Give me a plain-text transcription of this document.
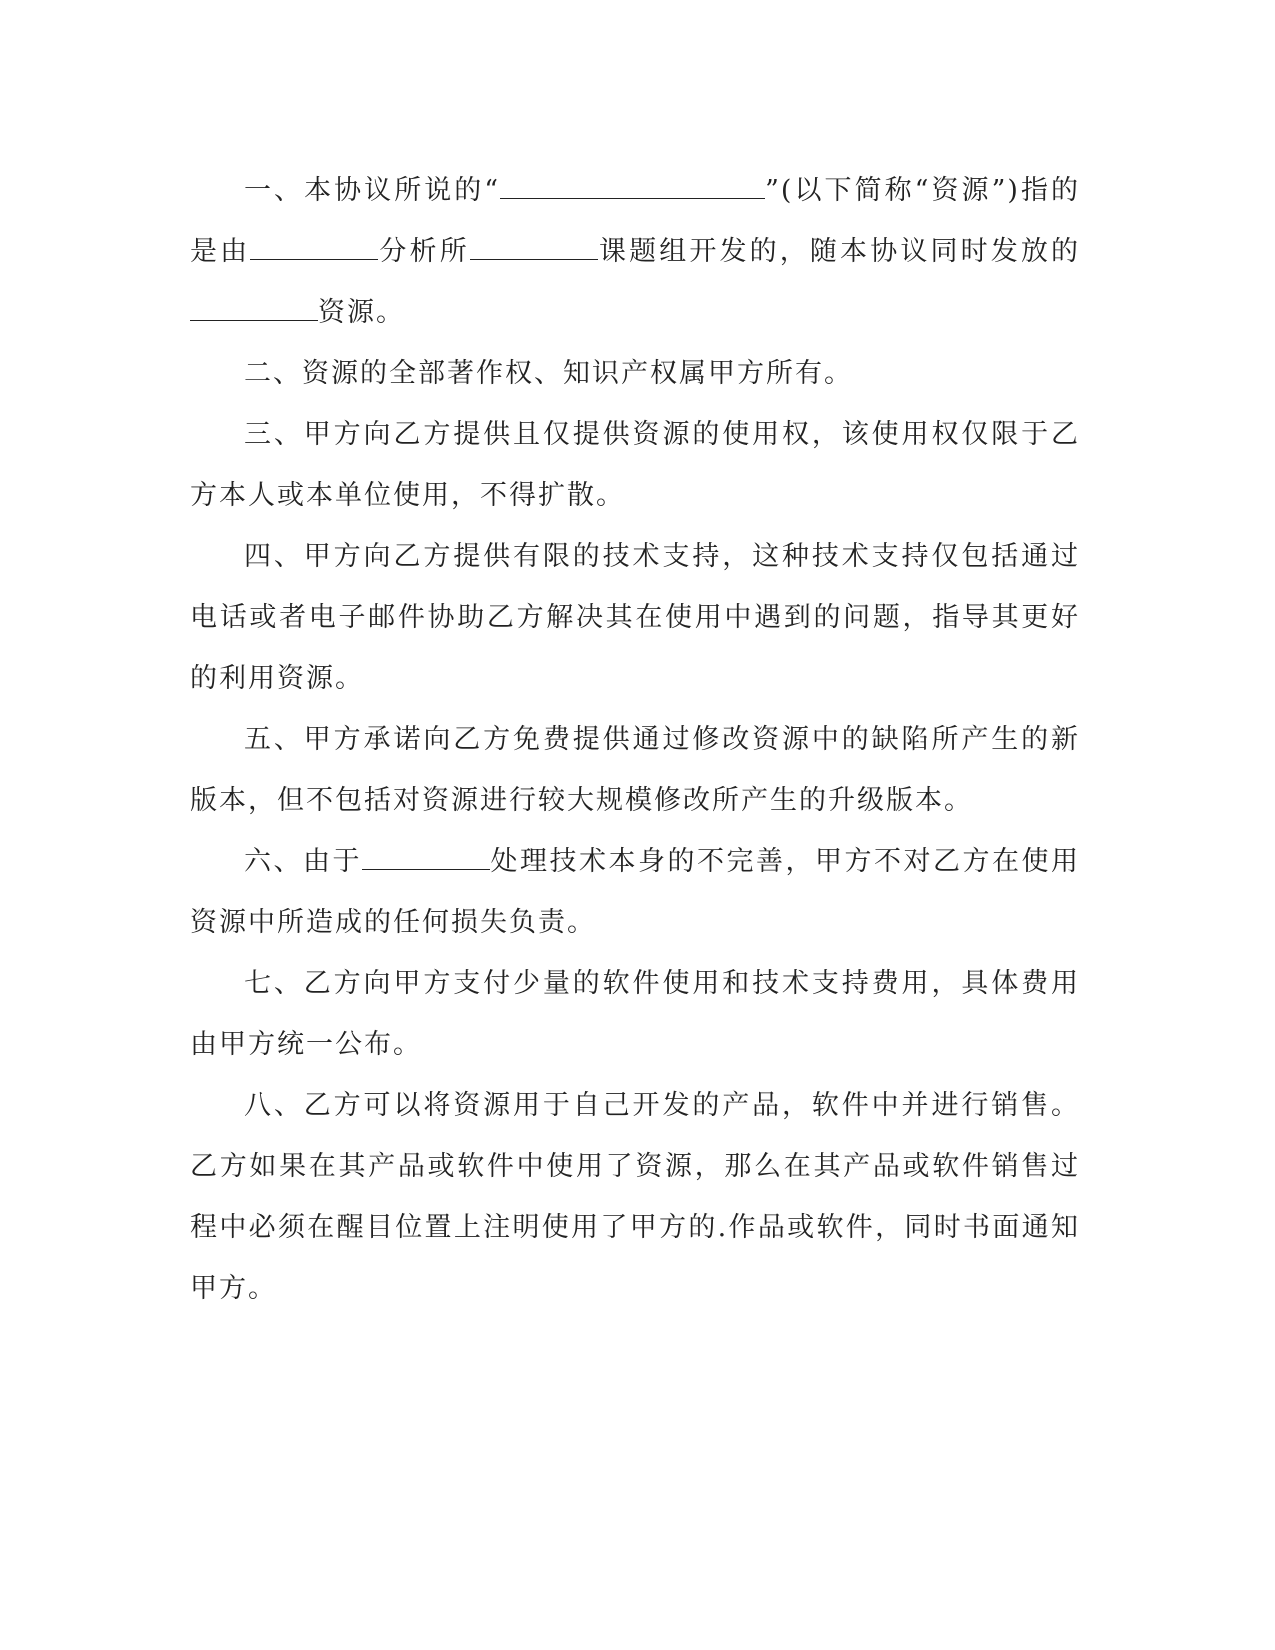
一、本协议所说的“	”(以下简称“资源”)指的是由	分析所	课题组开发的，随本协议同时发放的资源。

二、资源的全部著作权、知识产权属甲方所有。

三、甲方向乙方提供且仅提供资源的使用权，该使用权仅限于乙方本人或本单位使用，不得扩散。

四、甲方向乙方提供有限的技术支持，这种技术支持仅包括通过电话或者电子邮件协助乙方解决其在使用中遇到的问题，指导其更好的利用资源。

五、甲方承诺向乙方免费提供通过修改资源中的缺陷所产生的新版本，但不包括对资源进行较大规模修改所产生的升级版本。

六、由于	处理技术本身的不完善，甲方不对乙方在使用资源中所造成的任何损失负责。

七、乙方向甲方支付少量的软件使用和技术支持费用，具体费用由甲方统一公布。

八、乙方可以将资源用于自己开发的产品，软件中并进行销售。乙方如果在其产品或软件中使用了资源，那么在其产品或软件销售过程中必须在醒目位置上注明使用了甲方的.作品或软件，同时书面通知甲方。
